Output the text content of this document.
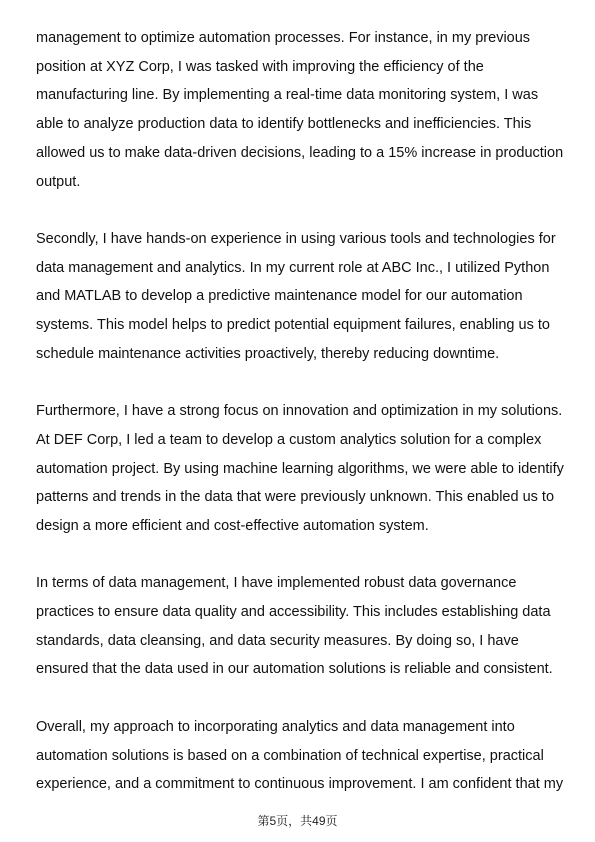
management to optimize automation processes. For instance, in my previous position at XYZ Corp, I was tasked with improving the efficiency of the manufacturing line. By implementing a real-time data monitoring system, I was able to analyze production data to identify bottlenecks and inefficiencies. This allowed us to make data-driven decisions, leading to a 15% increase in production output.

Secondly, I have hands-on experience in using various tools and technologies for data management and analytics. In my current role at ABC Inc., I utilized Python and MATLAB to develop a predictive maintenance model for our automation systems. This model helps to predict potential equipment failures, enabling us to schedule maintenance activities proactively, thereby reducing downtime.

Furthermore, I have a strong focus on innovation and optimization in my solutions. At DEF Corp, I led a team to develop a custom analytics solution for a complex automation project. By using machine learning algorithms, we were able to identify patterns and trends in the data that were previously unknown. This enabled us to design a more efficient and cost-effective automation system.

In terms of data management, I have implemented robust data governance practices to ensure data quality and accessibility. This includes establishing data standards, data cleansing, and data security measures. By doing so, I have ensured that the data used in our automation solutions is reliable and consistent.

Overall, my approach to incorporating analytics and data management into automation solutions is based on a combination of technical expertise, practical experience, and a commitment to continuous improvement. I am confident that my

第5页，共49页
